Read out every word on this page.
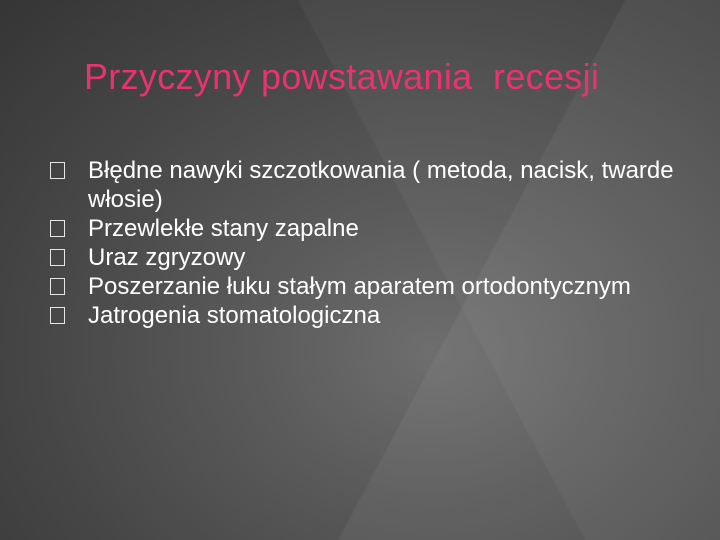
Przyczyny powstawania  recesji
Błędne nawyki szczotkowania ( metoda, nacisk, twarde włosie)
Przewlekłe stany zapalne
Uraz zgryzowy
Poszerzanie łuku stałym aparatem ortodontycznym
Jatrogenia stomatologiczna
